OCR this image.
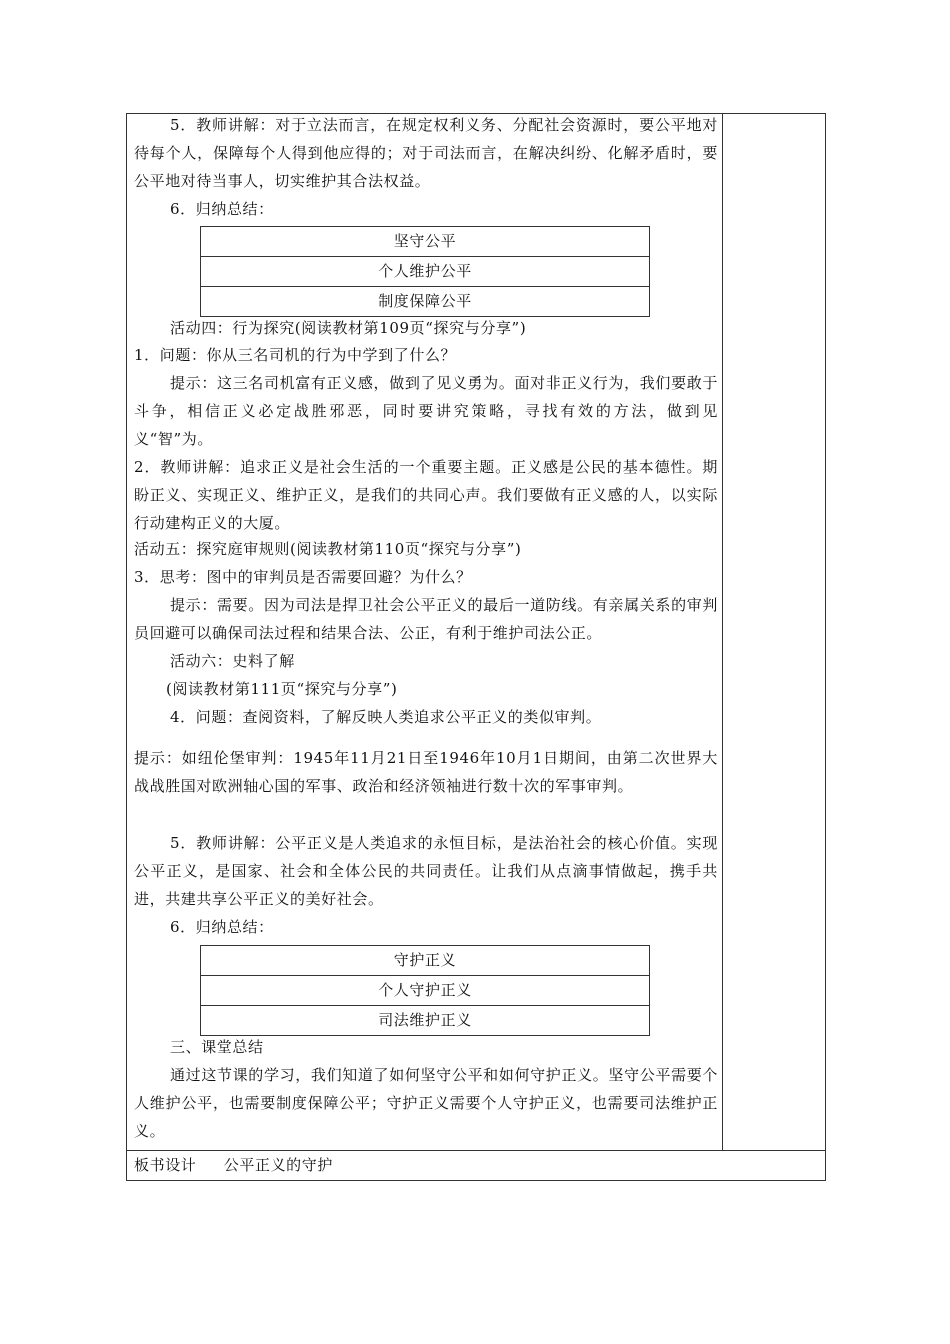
5．教师讲解：对于立法而言，在规定权利义务、分配社会资源时，要公平地对待每个人，保障每个人得到他应得的；对于司法而言，在解决纠纷、化解矛盾时，要公平地对待当事人，切实维护其合法权益。
6．归纳总结：
坚守公平
个人维护公平
制度保障公平
活动四：行为探究(阅读教材第109页“探究与分享”)
1．问题：你从三名司机的行为中学到了什么？
提示：这三名司机富有正义感，做到了见义勇为。面对非正义行为，我们要敢于斗争，相信正义必定战胜邪恶，同时要讲究策略，寻找有效的方法，做到见义“智”为。
2．教师讲解：追求正义是社会生活的一个重要主题。正义感是公民的基本德性。期盼正义、实现正义、维护正义，是我们的共同心声。我们要做有正义感的人，以实际行动建构正义的大厦。
活动五：探究庭审规则(阅读教材第110页“探究与分享”)
3．思考：图中的审判员是否需要回避？为什么？
提示：需要。因为司法是捍卫社会公平正义的最后一道防线。有亲属关系的审判员回避可以确保司法过程和结果合法、公正，有利于维护司法公正。
活动六：史料了解
(阅读教材第111页“探究与分享”)
4．问题：查阅资料，了解反映人类追求公平正义的类似审判。
提示：如纽伦堡审判：1945年11月21日至1946年10月1日期间，由第二次世界大战战胜国对欧洲轴心国的军事、政治和经济领袖进行数十次的军事审判。
5．教师讲解：公平正义是人类追求的永恒目标，是法治社会的核心价值。实现公平正义，是国家、社会和全体公民的共同责任。让我们从点滴事情做起，携手共进，共建共享公平正义的美好社会。
6．归纳总结：
守护正义
个人守护正义
司法维护正义
三、课堂总结
通过这节课的学习，我们知道了如何坚守公平和如何守护正义。坚守公平需要个人维护公平，也需要制度保障公平；守护正义需要个人守护正义，也需要司法维护正义。
板书设计 公平正义的守护
